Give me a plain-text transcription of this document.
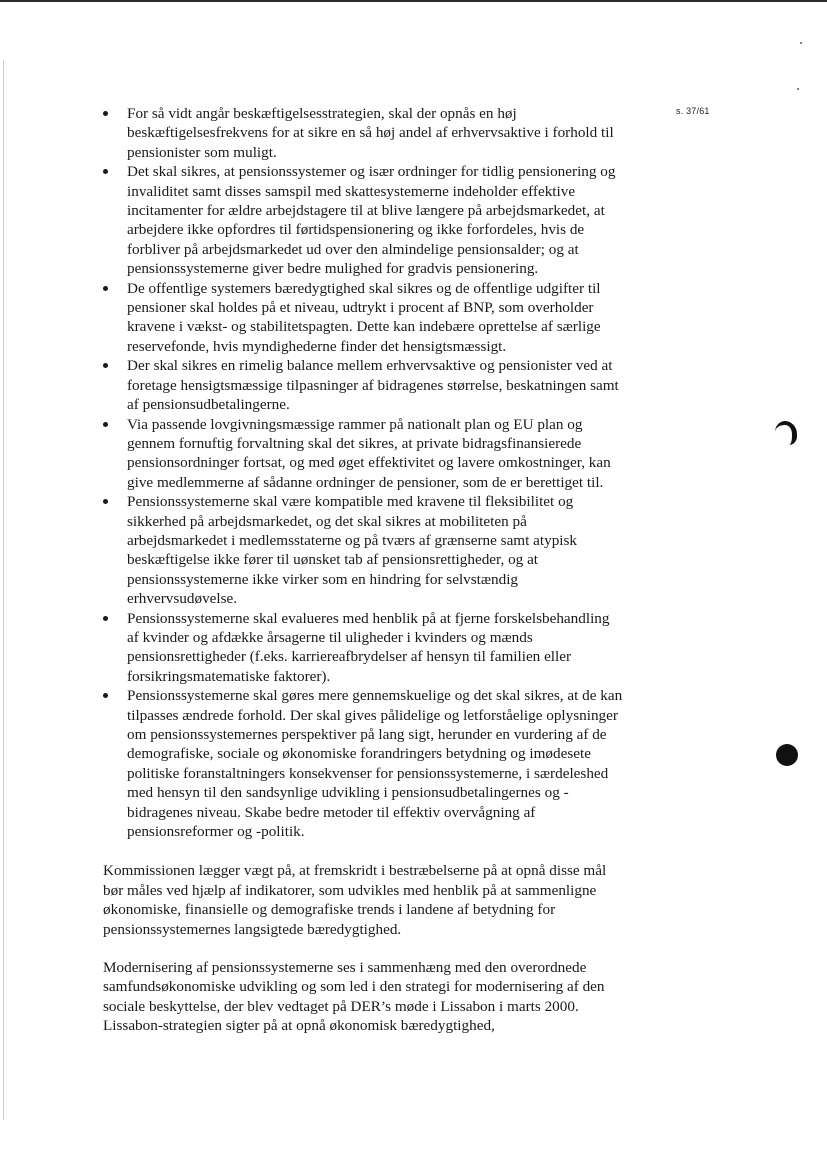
s. 37/61
For så vidt angår beskæftigelsesstrategien, skal der opnås en høj beskæftigelsesfrekvens for at sikre en så høj andel af erhvervsaktive i forhold til pensionister som muligt.
Det skal sikres, at pensionssystemer og især ordninger for tidlig pensionering og invaliditet samt disses samspil med skattesystemerne indeholder effektive incitamenter for ældre arbejdstagere til at blive længere på arbejdsmarkedet, at arbejdere ikke opfordres til førtidspensionering og ikke forfordeles, hvis de forbliver på arbejdsmarkedet ud over den almindelige pensionsalder; og at pensionssystemerne giver bedre mulighed for gradvis pensionering.
De offentlige systemers bæredygtighed skal sikres og de offentlige udgifter til pensioner skal holdes på et niveau, udtrykt i procent af BNP, som overholder kravene i vækst- og stabilitetspagten. Dette kan indebære oprettelse af særlige reservefonde, hvis myndighederne finder det hensigtsmæssigt.
Der skal sikres en rimelig balance mellem erhvervsaktive og pensionister ved at foretage hensigtsmæssige tilpasninger af bidragenes størrelse, beskatningen samt af pensionsudbetalingerne.
Via passende lovgivningsmæssige rammer på nationalt plan og EU plan og gennem fornuftig forvaltning skal det sikres, at private bidragsfinansierede pensionsordninger fortsat, og med øget effektivitet og lavere omkostninger, kan give medlemmerne af sådanne ordninger de pensioner, som de er berettiget til.
Pensionssystemerne skal være kompatible med kravene til fleksibilitet og sikkerhed på arbejdsmarkedet, og det skal sikres at mobiliteten på arbejdsmarkedet i medlemsstaterne og på tværs af grænserne samt atypisk beskæftigelse ikke fører til uønsket tab af pensionsrettigheder, og at pensionssystemerne ikke virker som en hindring for selvstændig erhvervsudøvelse.
Pensionssystemerne skal evalueres med henblik på at fjerne forskelsbehandling af kvinder og afdække årsagerne til uligheder i kvinders og mænds pensionsrettigheder (f.eks. karriereafbrydelser af hensyn til familien eller forsikringsmatematiske faktorer).
Pensionssystemerne skal gøres mere gennemskuelige og det skal sikres, at de kan tilpasses ændrede forhold. Der skal gives pålidelige og letforståelige oplysninger om pensionssystemernes perspektiver på lang sigt, herunder en vurdering af de demografiske, sociale og økonomiske forandringers betydning og imødesete politiske foranstaltningers konsekvenser for pensionssystemerne, i særdeleshed med hensyn til den sandsynlige udvikling i pensionsudbetalingernes og -bidragenes niveau. Skabe bedre metoder til effektiv overvågning af pensionsreformer og -politik.

Kommissionen lægger vægt på, at fremskridt i bestræbelserne på at opnå disse mål bør måles ved hjælp af indikatorer, som udvikles med henblik på at sammenligne økonomiske, finansielle og demografiske trends i landene af betydning for pensionssystemernes langsigtede bæredygtighed.

Modernisering af pensionssystemerne ses i sammenhæng med den overordnede samfundsøkonomiske udvikling og som led i den strategi for modernisering af den sociale beskyttelse, der blev vedtaget på DER’s møde i Lissabon i marts 2000. Lissabon-strategien sigter på at opnå økonomisk bæredygtighed,
